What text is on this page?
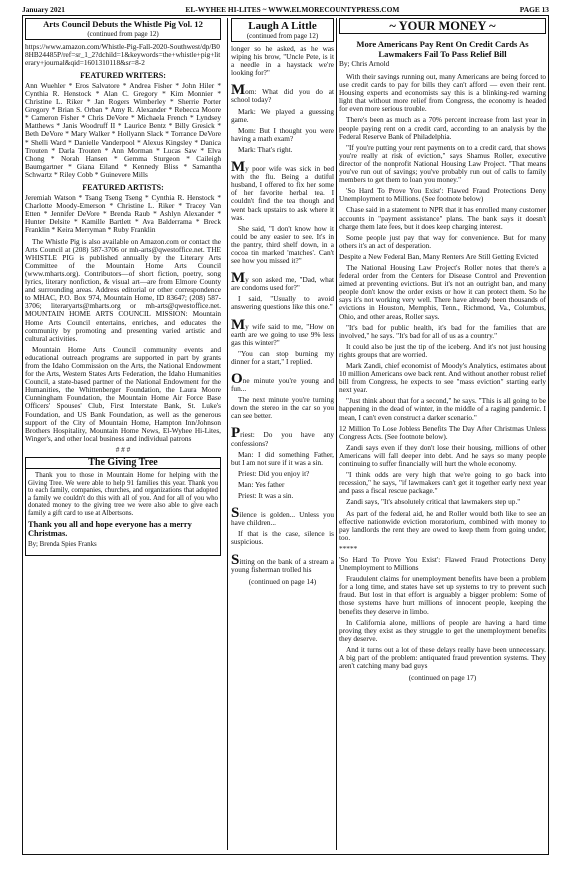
January 2021	EL-WYHEE HI-LITES ~ WWW.ELMORECOUNTYPRESS.COM	PAGE 13
Arts Council Debuts the Whistle Pig Vol. 12
(continued from page 12)

https://www.amazon.com/Whistle-Pig-Fall-2020-Southwest/dp/B08HB24485P/ref=sr_1_2?dchild=1&keywords=the+whistle+pig+literary+journal&qid=1601310118&sr=8-2

FEATURED WRITERS:

Ann Wuehler * Eros Salvatore * Andrea Fisher * John Hiler * Cynthia R. Henstock * Alan C. Gregory * Kim Monnier * Christine L. Riker * Jan Rogers Wimberley * Sherrie Porter Gregory * Brian S. Orban * Amy R. Alexander * Rebecca Moore * Cameron Fisher * Chris DeVore * Michaela French * Lyndsey Matthews * Janis Woodruff II * Laurice Bentz * Billy Gresick * Beth DeVore * Mary Walker * Hollyann Slack * Torrance DeVore * Shelli Ward * Danielle Vanderpool * Alexus Kingsley * Danica Trouten * Darla Trouten * Ann Morman * Lucas Saw * Elva Chong * Norah Hansen * Gemma Sturgeon * Caileigh Baumgartner * Giana Eiland * Kennedy Bliss * Samantha Schwartz * Riley Cobb * Guinevere Mills

FEATURED ARTISTS:

Jeremiah Watson * Tsang Tseng Tseng * Cynthia R. Henstock * Charlotte Moody-Emerson * Christine L. Riker * Tracey Van Etten * Jennifer DeVore * Brenda Raub * Ashlyn Alexander * Hunter Delsite * Kamille Bartlett * Ava Balderrama * Breck Franklin * Keira Merryman * Ruby Franklin

The Whistle Pig is also available on Amazon.com or contact the Arts Council at (208) 587-3706 or mh-arts@qwestoffice.net. THE WHISTLE PIG is published annually by the Literary Arts Committee of the Mountain Home Arts Council (www.mharts.org). Contributors—of short fiction, poetry, song lyrics, literary nonfiction, & visual art—are from Elmore County and surrounding areas. Address editorial or other correspondence to MHAC, P.O. Box 974, Mountain Home, ID 83647; (208) 587-3706; literaryarts@mharts.org or mh-arts@qwestoffice.net. MOUNTAIN HOME ARTS COUNCIL MISSION: Mountain Home Arts Council entertains, enriches, and educates the community by promoting and presenting varied artistic and cultural activities.

Mountain Home Arts Council community events and educational outreach programs are supported in part by grants from the Idaho Commission on the Arts, the National Endowment for the Arts, Western States Arts Federation, the Idaho Humanities Council, a state-based partner of the National Endowment for the Humanities, the Whittenberger Foundation, the Laura Moore Cunningham Foundation, the Mountain Home Air Force Base Officers' Spouses' Club, First Interstate Bank, St. Luke's Foundation, and US Bank Foundation, as well as the generous support of the City of Mountain Home, Hampton Inn/Johnson Brothers Hospitality, Mountain Home News, El-Wyhee Hi-Lites, Winger's, and other local business and individual patrons

# # #

The Giving Tree

Thank you to those in Mountain Home for helping with the Giving Tree. We were able to help 91 families this year. Thank you to each family, companies, churches, and organizations that adopted a family we couldn't do this with all of you. And for all of you who donated money to the giving tree we were also able to give each family a gift card to use at Albertsons.

Thank you all and hope everyone has a merry Christmas.

By; Brenda Spies Franks

Laugh A Little
(continued from page 12)

longer so he asked, as he was wiping his brow, "Uncle Pete, is it a needle in a haystack we're looking for?"

Mom: What did you do at school today?

Mark: We played a guessing game.

Mom: But I thought you were having a math exam?

Mark: That's right.

My poor wife was sick in bed with the flu. Being a dutiful husband, I offered to fix her some of her favorite herbal tea. I couldn't find the tea though and went back upstairs to ask where it was.

She said, "I don't know how it could be any easier to see. It's in the pantry, third shelf down, in a cocoa tin marked 'matches'. Can't see how you missed it?"

My son asked me, "Dad, what are condoms used for?"

I said, "Usually to avoid answering questions like this one."

My wife said to me, "How on earth are we going to use 9% less gas this winter?"

"You can stop burning my dinner for a start," I replied.

One minute you're young and fun...

The next minute you're turning down the stereo in the car so you can see better.

Priest: Do you have any confessions?

Man: I did something Father, but I am not sure if it was a sin.

Priest: Did you enjoy it?

Man: Yes father

Priest: It was a sin.

Silence is golden... Unless you have children...

If that is the case, silence is suspicious.

Sitting on the bank of a stream a young fisherman trolled his

(continued on page 14)

~ YOUR MONEY ~
More Americans Pay Rent On Credit Cards As Lawmakers Fail To Pass Relief Bill

By; Chris Arnold

With their savings running out, many Americans are being forced to use credit cards to pay for bills they can't afford — even their rent. Housing experts and economists say this is a blinking-red warning light that without more relief from Congress, the economy is headed for even more serious trouble.

There's been as much as a 70% percent increase from last year in people paying rent on a credit card, according to an analysis by the Federal Reserve Bank of Philadelphia.

"If you're putting your rent payments on to a credit card, that shows you're really at risk of eviction," says Shamus Roller, executive director of the nonprofit National Housing Law Project. "That means you've run out of savings; you've probably run out of calls to family members to get them to loan you money."

'So Hard To Prove You Exist': Flawed Fraud Protections Deny Unemployment to Millions. (See footnote below)

Chase said in a statement to NPR that it has enrolled many customer accounts in "payment assistance" plans. The bank says it doesn't charge them late fees, but it does keep charging interest.

Some people just pay that way for convenience. But for many others it's an act of desperation.

Despite a New Federal Ban, Many Renters Are Still Getting Evicted

The National Housing Law Project's Roller notes that there's a federal order from the Centers for Disease Control and Prevention aimed at preventing evictions. But it's not an outright ban, and many people don't know the order exists or how it can protect them. So he says it's not working very well. There have already been thousands of evictions in Houston, Memphis, Tenn., Richmond, Va., Columbus, Ohio, and other areas, Roller says.

"It's bad for public health, it's bad for the families that are involved," he says. "It's bad for all of us as a country."

It could also be just the tip of the iceberg. And it's not just housing rights groups that are worried.

Mark Zandi, chief economist of Moody's Analytics, estimates about 10 million Americans owe back rent. And without another robust relief bill from Congress, he expects to see "mass eviction" starting early next year.

"Just think about that for a second," he says. "This is all going to be happening in the dead of winter, in the middle of a raging pandemic. I mean, I can't even construct a darker scenario."

12 Million To Lose Jobless Benefits The Day After Christmas Unless Congress Acts. (See footnote below).

Zandi says even if they don't lose their housing, millions of other Americans will fall deeper into debt. And he says so many people continuing to suffer financially will hurt the whole economy.

"I think odds are very high that we're going to go back into recession," he says, "if lawmakers can't get it together early next year and pass a fiscal rescue package."

Zandi says, "It's absolutely critical that lawmakers step up."

As part of the federal aid, he and Roller would both like to see an effective nationwide eviction moratorium, combined with money to pay landlords the rent they are owed to keep them from going under, too.

*****

'So Hard To Prove You Exist': Flawed Fraud Protections Deny Unemployment to Millions

Fraudulent claims for unemployment benefits have been a problem for a long time, and states have set up systems to try to prevent such fraud. But lost in that effort is arguably a bigger problem: Some of those systems have hurt millions of innocent people, keeping the benefits they deserve in limbo.

In California alone, millions of people are having a hard time proving they exist as they struggle to get the unemployment benefits they deserve.

And it turns out a lot of these delays really have been unnecessary. A big part of the problem: antiquated fraud prevention systems. They aren't catching many bad guys

(continued on page 17)
